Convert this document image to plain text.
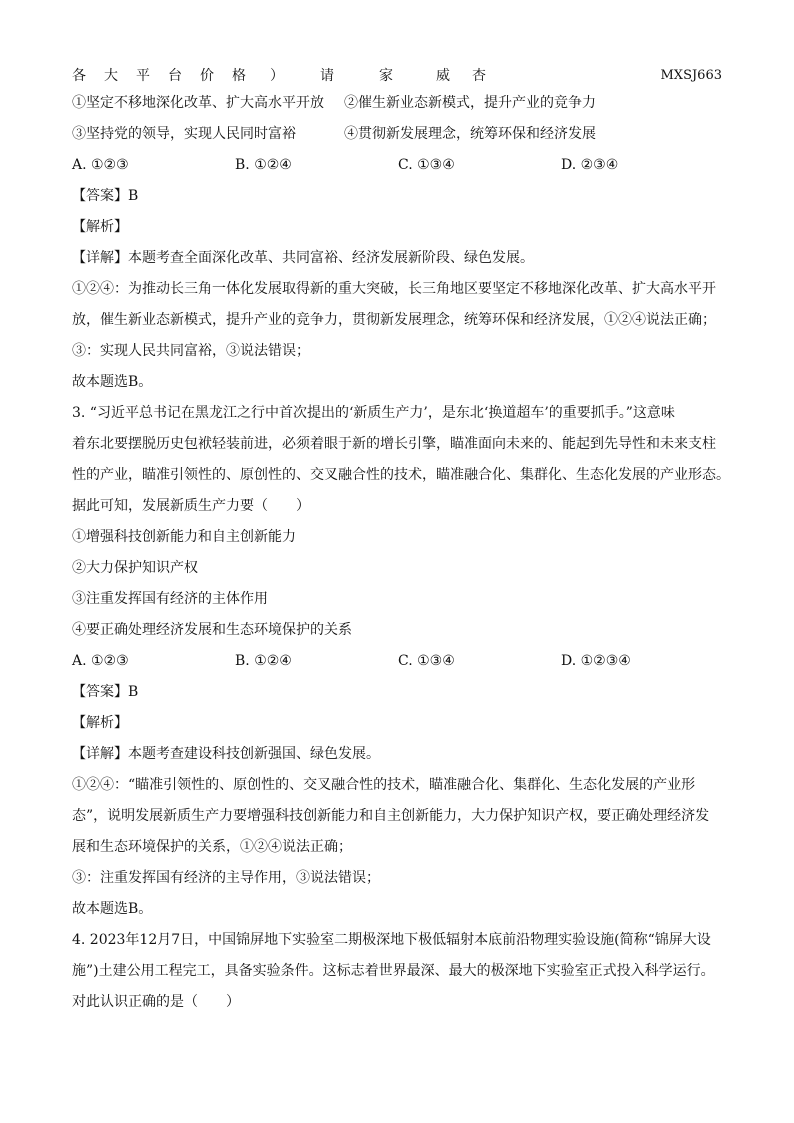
各 大 平 台 价 格 ）	请	家	威 杏	MXSJ663
①坚定不移地深化改革、扩大高水平开放	②催生新业态新模式，提升产业的竞争力
③坚持党的领导，实现人民同时富裕	④贯彻新发展理念，统筹环保和经济发展
A. ①②③	B. ①②④	C. ①③④	D. ②③④
【答案】B
【解析】
【详解】本题考查全面深化改革、共同富裕、经济发展新阶段、绿色发展。
①②④：为推动长三角一体化发展取得新的重大突破，长三角地区要坚定不移地深化改革、扩大高水平开
放，催生新业态新模式，提升产业的竞争力，贯彻新发展理念，统筹环保和经济发展，①②④说法正确；
③：实现人民共同富裕，③说法错误；
故本题选B。
3. “习近平总书记在黑龙江之行中首次提出的‘新质生产力’，是东北‘换道超车’的重要抓手。”这意味
着东北要摆脱历史包袱轻装前进，必须着眼于新的增长引擎，瞄准面向未来的、能起到先导性和未来支柱
性的产业，瞄准引领性的、原创性的、交叉融合性的技术，瞄准融合化、集群化、生态化发展的产业形态。
据此可知，发展新质生产力要（　　）
①增强科技创新能力和自主创新能力
②大力保护知识产权
③注重发挥国有经济的主体作用
④要正确处理经济发展和生态环境保护的关系
A. ①②③	B. ①②④	C. ①③④	D. ①②③④
【答案】B
【解析】
【详解】本题考查建设科技创新强国、绿色发展。
①②④：“瞄准引领性的、原创性的、交叉融合性的技术，瞄准融合化、集群化、生态化发展的产业形
态”，说明发展新质生产力要增强科技创新能力和自主创新能力，大力保护知识产权，要正确处理经济发
展和生态环境保护的关系，①②④说法正确；
③：注重发挥国有经济的主导作用，③说法错误；
故本题选B。
4. 2023年12月7日，中国锦屏地下实验室二期极深地下极低辐射本底前沿物理实验设施(简称“锦屏大设
施”)土建公用工程完工，具备实验条件。这标志着世界最深、最大的极深地下实验室正式投入科学运行。
对此认识正确的是（　　）
